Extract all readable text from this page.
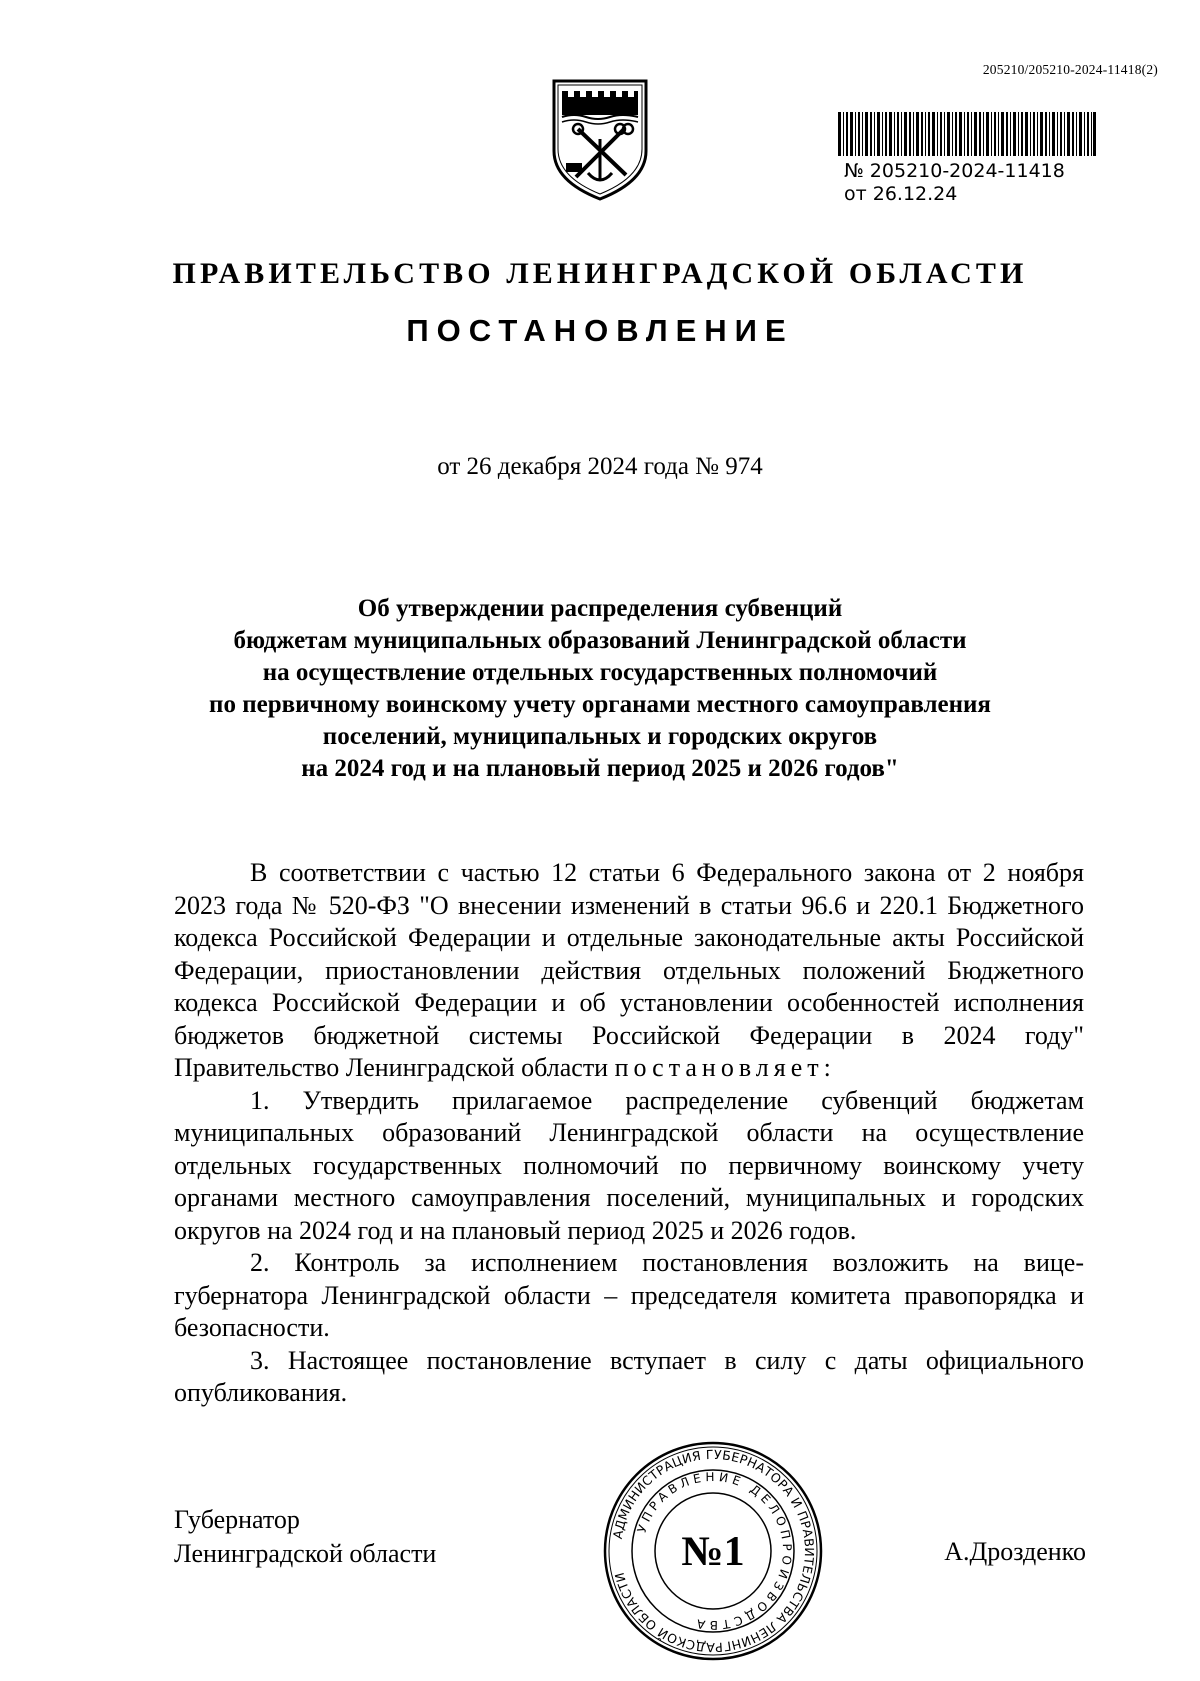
205210/205210-2024-11418(2)
№ 205210-2024-11418
от 26.12.24
ПРАВИТЕЛЬСТВО ЛЕНИНГРАДСКОЙ ОБЛАСТИ
ПОСТАНОВЛЕНИЕ
от 26 декабря 2024 года № 974
Об утверждении распределения субвенций
бюджетам муниципальных образований Ленинградской области
на осуществление отдельных государственных полномочий
по первичному воинскому учету органами местного самоуправления
поселений, муниципальных и городских округов
на 2024 год и на плановый период 2025 и 2026 годов"

В соответствии с частью 12 статьи 6 Федерального закона от 2 ноября 2023 года № 520-ФЗ "О внесении изменений в статьи 96.6 и 220.1 Бюджетного кодекса Российской Федерации и отдельные законодательные акты Российской Федерации, приостановлении действия отдельных положений Бюджетного кодекса Российской Федерации и об установлении особенностей исполнения бюджетов бюджетной системы Российской Федерации в 2024 году" Правительство Ленинградской области постановляет:

1. Утвердить прилагаемое распределение субвенций бюджетам муниципальных образований Ленинградской области на осуществление отдельных государственных полномочий по первичному воинскому учету органами местного самоуправления поселений, муниципальных и городских округов на 2024 год и на плановый период 2025 и 2026 годов.

2. Контроль за исполнением постановления возложить на вице-губернатора Ленинградской области – председателя комитета правопорядка и безопасности.

3. Настоящее постановление вступает в силу с даты официального опубликования.

Губернатор
Ленинградской области
АДМИНИСТРАЦИЯ ГУБЕРНАТОРА И ПРАВИТЕЛЬСТВА ЛЕНИНГРАДСКОЙ ОБЛАСТИ
УПРАВЛЕНИЕ ДЕЛОПРОИЗВОДСТВА
№1	А.Дрозденко
